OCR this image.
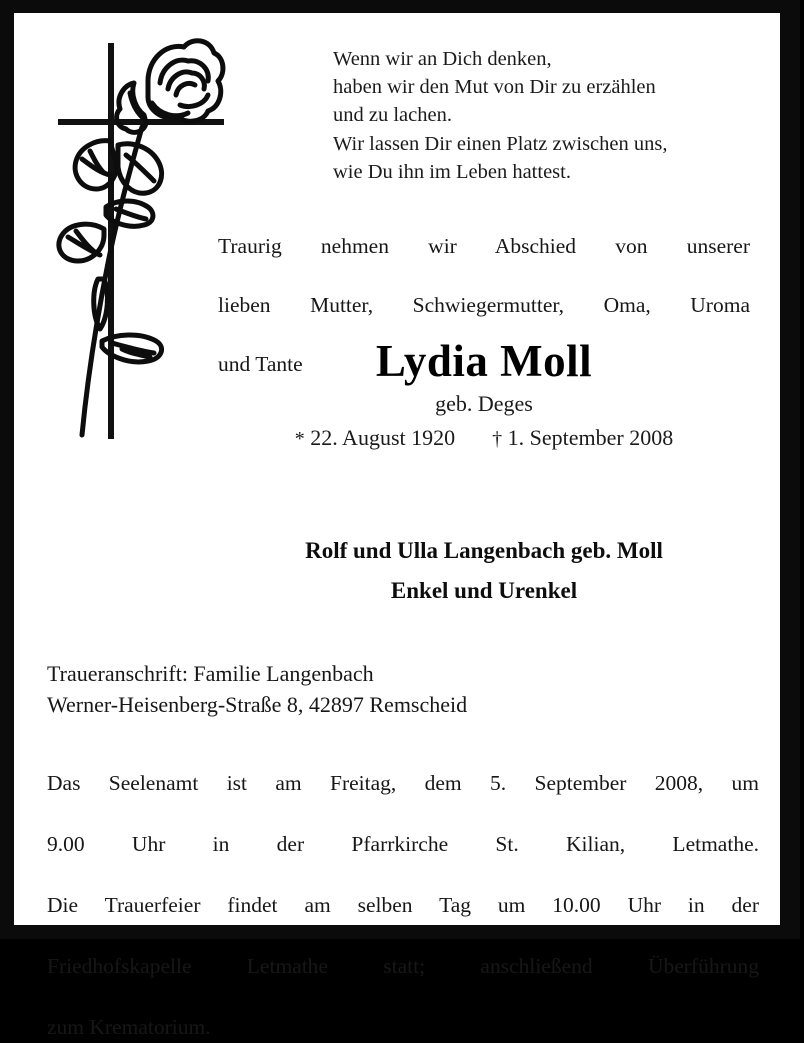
Wenn wir an Dich denken,
haben wir den Mut von Dir zu erzählen
und zu lachen.
Wir lassen Dir einen Platz zwischen uns,
wie Du ihn im Leben hattest.
Traurig nehmen wir Abschied von unserer
lieben Mutter, Schwiegermutter, Oma, Uroma
und Tante	Lydia Moll
geb. Deges
* 22. August 1920 † 1. September 2008
Rolf und Ulla Langenbach geb. Moll
Enkel und Urenkel
Traueranschrift: Familie Langenbach
Werner-Heisenberg-Straße 8, 42897 Remscheid
Das Seelenamt ist am Freitag, dem 5. September 2008, um
9.00 Uhr in der Pfarrkirche St. Kilian, Letmathe.
Die Trauerfeier findet am selben Tag um 10.00 Uhr in der
Friedhofskapelle Letmathe statt; anschließend Überführung
zum Krematorium.
